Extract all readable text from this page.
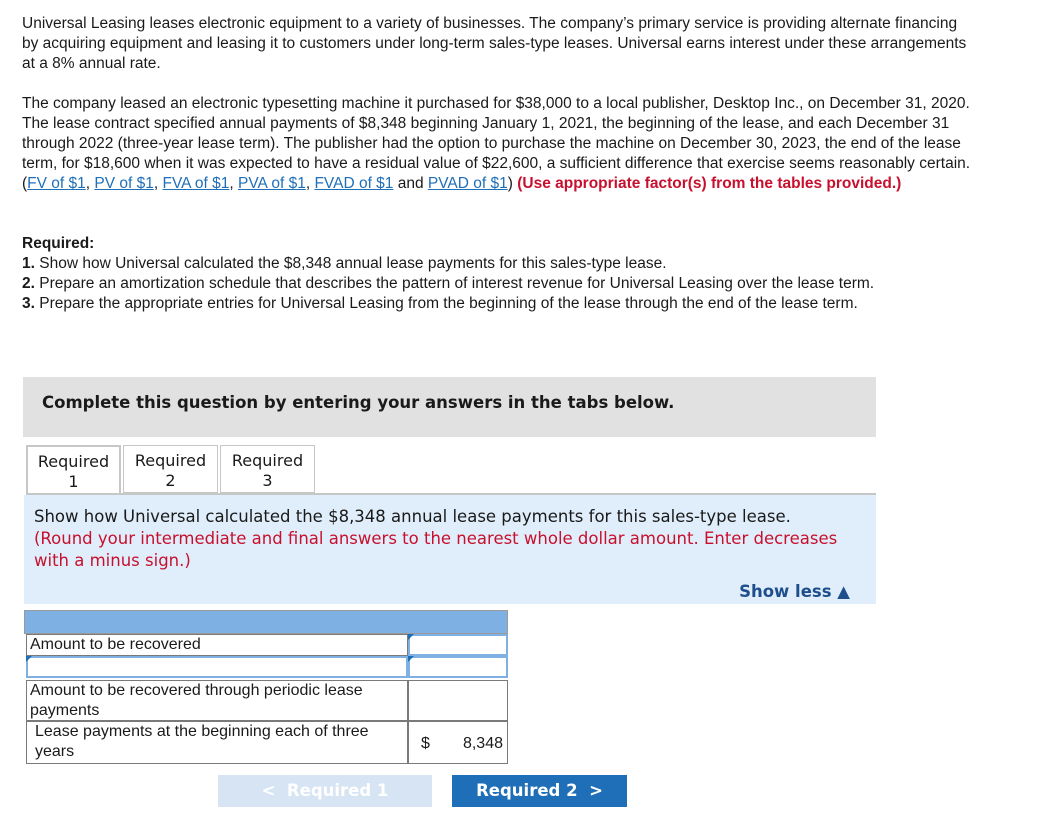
Universal Leasing leases electronic equipment to a variety of businesses. The company’s primary service is providing alternate financing by acquiring equipment and leasing it to customers under long-term sales-type leases. Universal earns interest under these arrangements at a 8% annual rate.

The company leased an electronic typesetting machine it purchased for $38,000 to a local publisher, Desktop Inc., on December 31, 2020. The lease contract specified annual payments of $8,348 beginning January 1, 2021, the beginning of the lease, and each December 31 through 2022 (three-year lease term). The publisher had the option to purchase the machine on December 30, 2023, the end of the lease term, for $18,600 when it was expected to have a residual value of $22,600, a sufficient difference that exercise seems reasonably certain. (FV of $1, PV of $1, FVA of $1, PVA of $1, FVAD of $1 and PVAD of $1) (Use appropriate factor(s) from the tables provided.)

Required:
1. Show how Universal calculated the $8,348 annual lease payments for this sales-type lease.
2. Prepare an amortization schedule that describes the pattern of interest revenue for Universal Leasing over the lease term.
3. Prepare the appropriate entries for Universal Leasing from the beginning of the lease through the end of the lease term.
Complete this question by entering your answers in the tabs below.
Required
1
Required
2
Required
3
Show how Universal calculated the $8,348 annual lease payments for this sales-type lease.
(Round your intermediate and final answers to the nearest whole dollar amount. Enter decreases with a minus sign.)
Show less ▲
Amount to be recovered
Amount to be recovered through periodic lease payments
Lease payments at the beginning each of three years	$ 8,348
< Required 1	Required 2 >
